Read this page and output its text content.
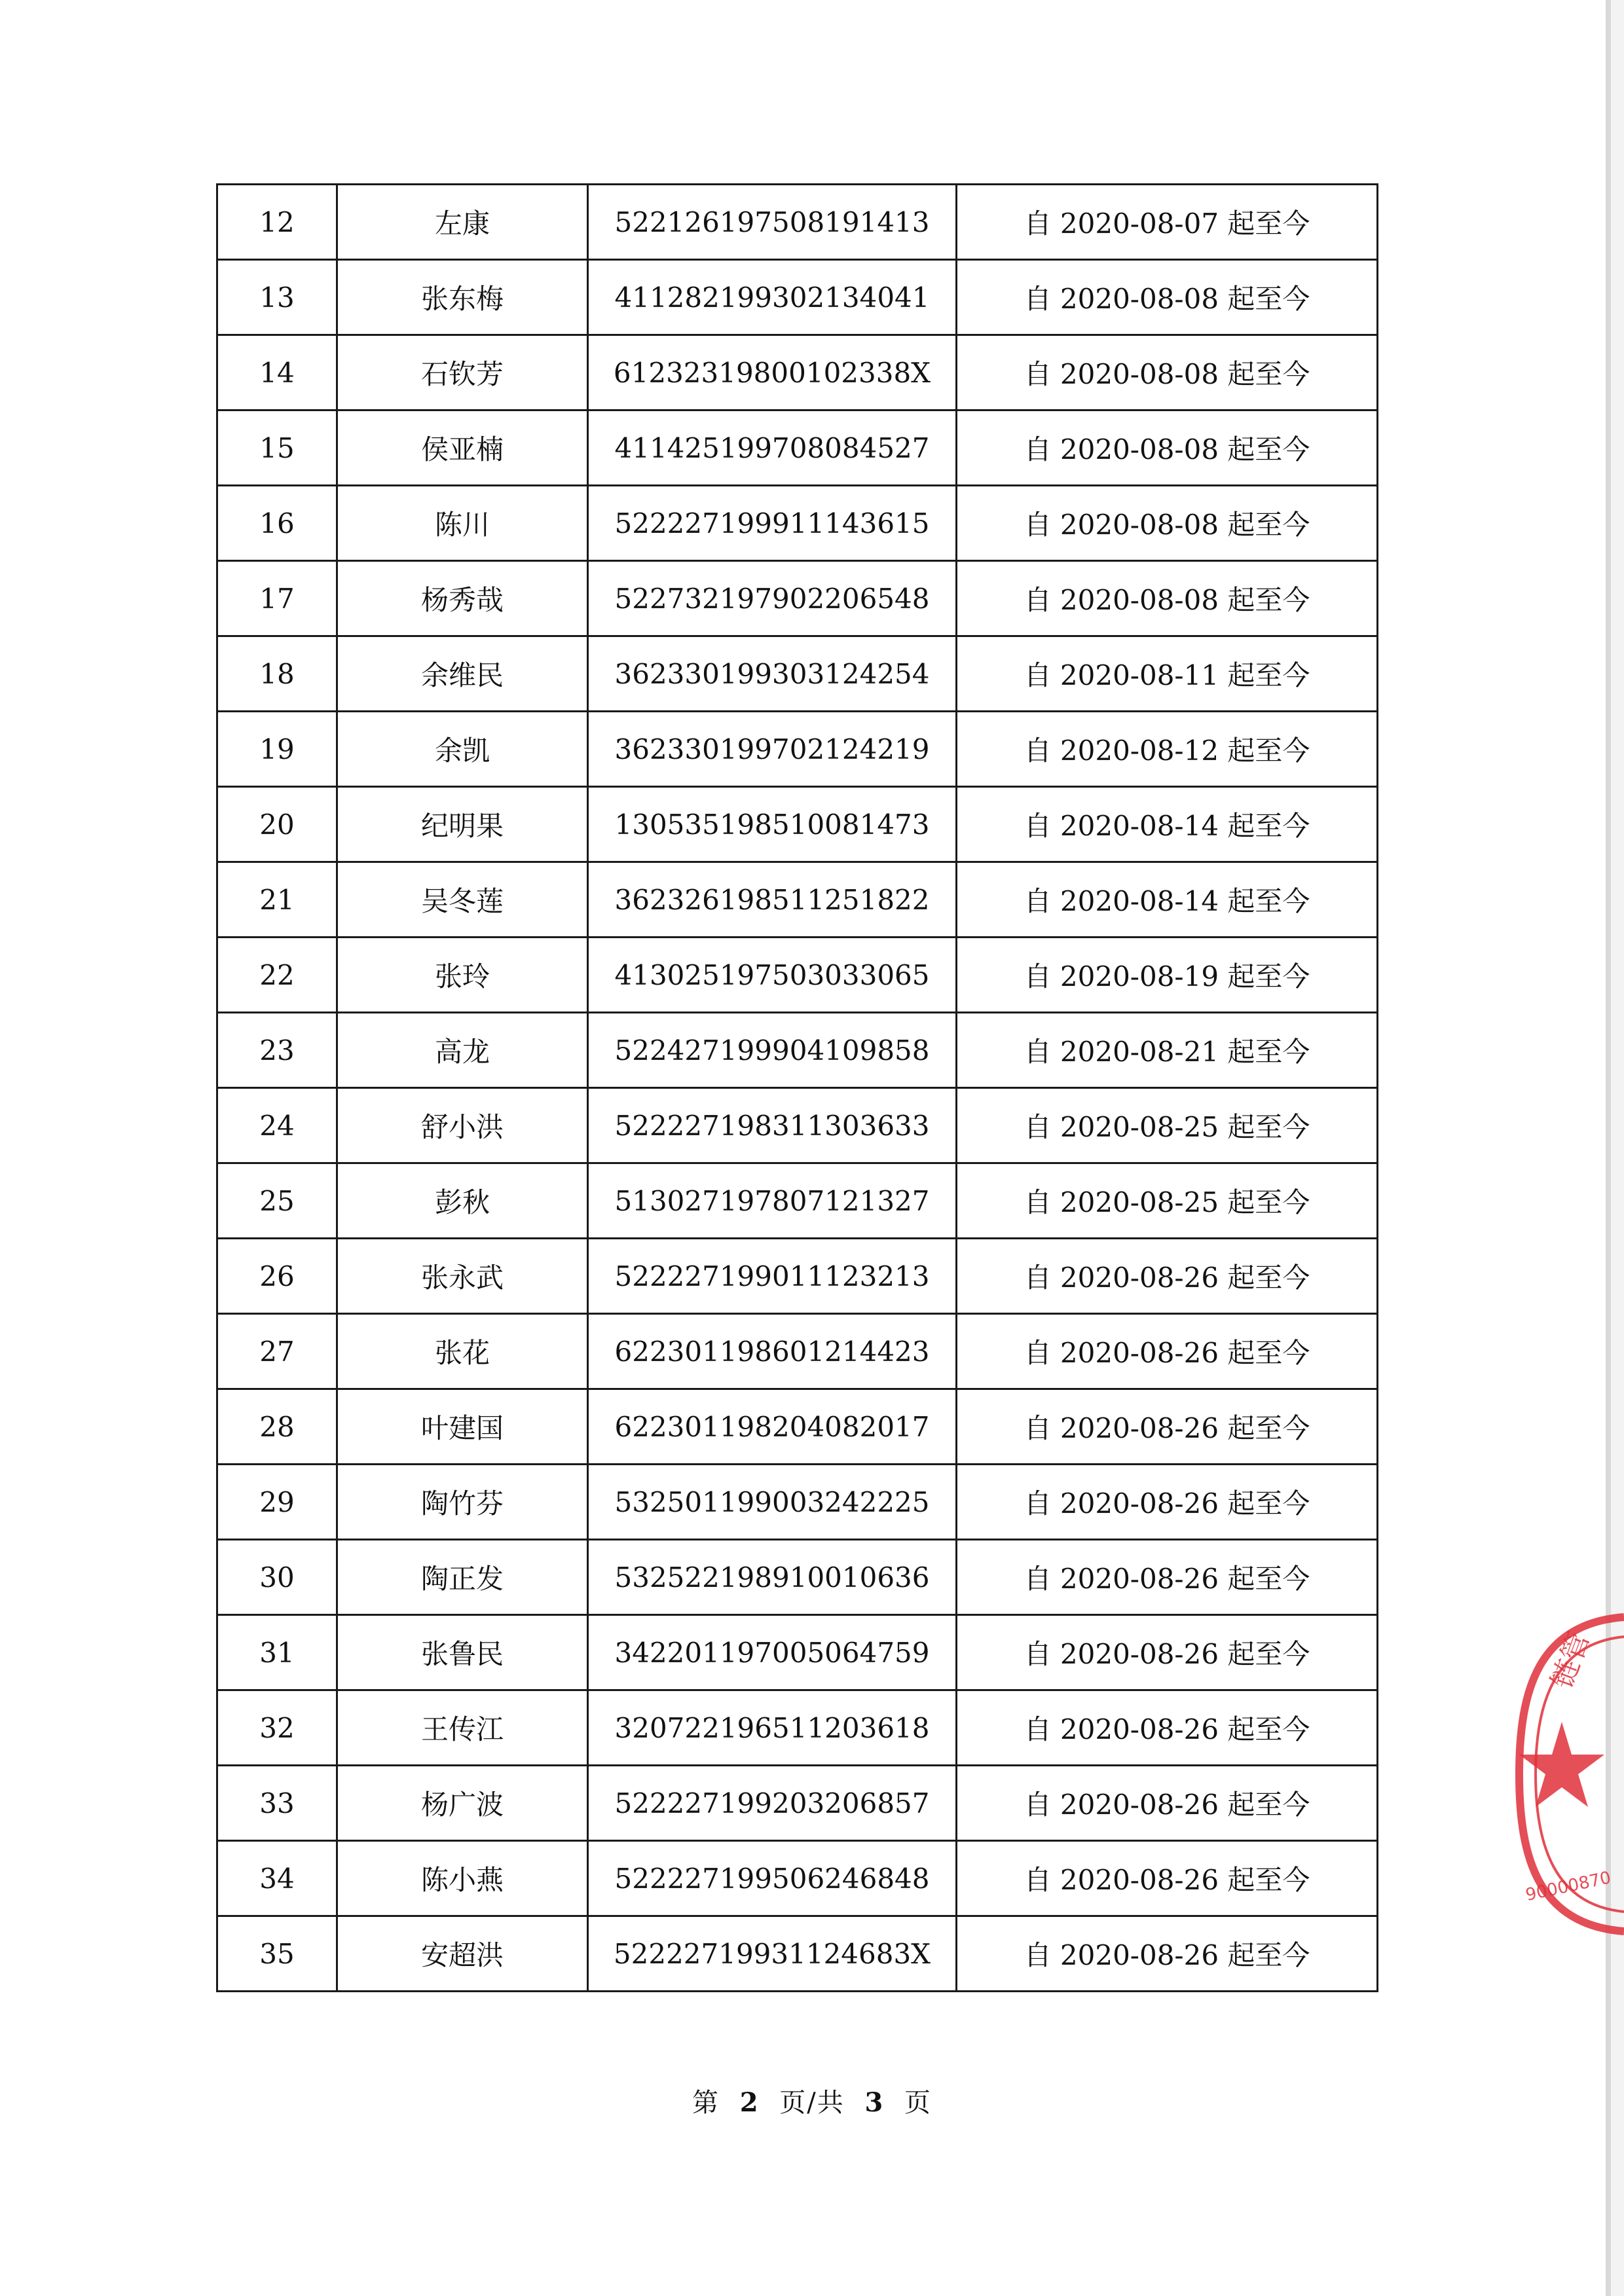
12	左康	522126197508191413	自 2020-08-07 起至今
13	张东梅	411282199302134041	自 2020-08-08 起至今
14	石钦芳	61232319800102338X	自 2020-08-08 起至今
15	侯亚楠	411425199708084527	自 2020-08-08 起至今
16	陈川	522227199911143615	自 2020-08-08 起至今
17	杨秀哉	522732197902206548	自 2020-08-08 起至今
18	余维民	362330199303124254	自 2020-08-11 起至今
19	余凯	362330199702124219	自 2020-08-12 起至今
20	纪明果	130535198510081473	自 2020-08-14 起至今
21	吴冬莲	362326198511251822	自 2020-08-14 起至今
22	张玲	413025197503033065	自 2020-08-19 起至今
23	高龙	522427199904109858	自 2020-08-21 起至今
24	舒小洪	522227198311303633	自 2020-08-25 起至今
25	彭秋	513027197807121327	自 2020-08-25 起至今
26	张永武	522227199011123213	自 2020-08-26 起至今
27	张花	622301198601214423	自 2020-08-26 起至今
28	叶建国	622301198204082017	自 2020-08-26 起至今
29	陶竹芬	532501199003242225	自 2020-08-26 起至今
30	陶正发	532522198910010636	自 2020-08-26 起至今
31	张鲁民	342201197005064759	自 2020-08-26 起至今
32	王传江	320722196511203618	自 2020-08-26 起至今
33	杨广波	522227199203206857	自 2020-08-26 起至今
34	陈小燕	522227199506246848	自 2020-08-26 起至今
35	安超洪	52222719931124683X	自 2020-08-26 起至今
第 2 页/共 3 页
链管
90000870
